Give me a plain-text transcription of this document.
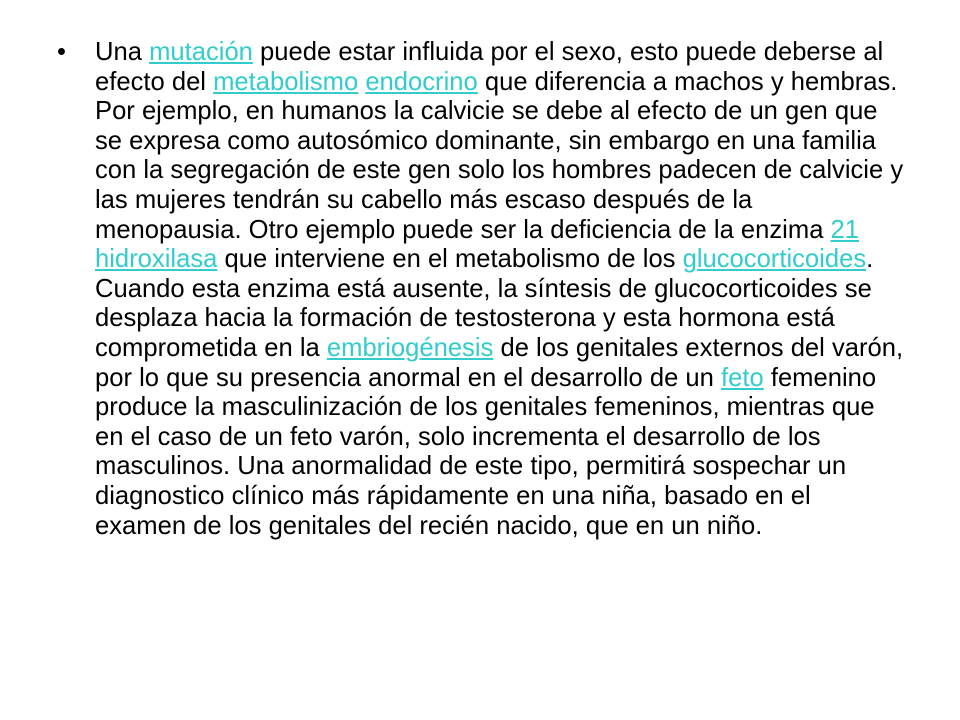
• Una mutación puede estar influida por el sexo, esto puede deberse al efecto del metabolismo endocrino que diferencia a machos y hembras. Por ejemplo, en humanos la calvicie se debe al efecto de un gen que se expresa como autosómico dominante, sin embargo en una familia con la segregación de este gen solo los hombres padecen de calvicie y las mujeres tendrán su cabello más escaso después de la menopausia. Otro ejemplo puede ser la deficiencia de la enzima 21 hidroxilasa que interviene en el metabolismo de los glucocorticoides. Cuando esta enzima está ausente, la síntesis de glucocorticoides se desplaza hacia la formación de testosterona y esta hormona está comprometida en la embriogénesis de los genitales externos del varón, por lo que su presencia anormal en el desarrollo de un feto femenino produce la masculinización de los genitales femeninos, mientras que en el caso de un feto varón, solo incrementa el desarrollo de los masculinos. Una anormalidad de este tipo, permitirá sospechar un diagnostico clínico más rápidamente en una niña, basado en el examen de los genitales del recién nacido, que en un niño.
